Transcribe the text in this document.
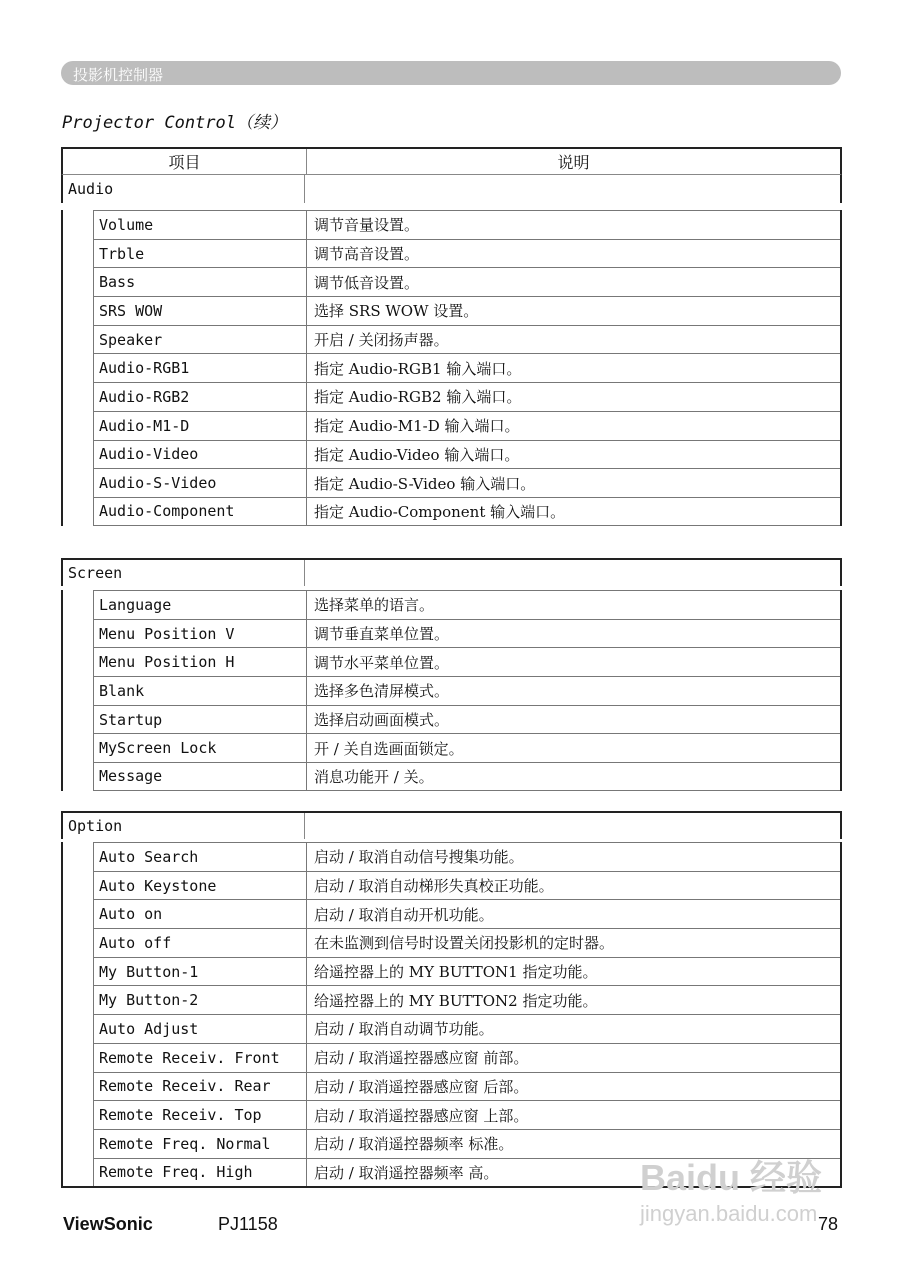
投影机控制器
Projector Control（续）
项目	说明
Audio
Volume	调节音量设置。
Trble	调节高音设置。
Bass	调节低音设置。
SRS WOW	选择 SRS WOW 设置。
Speaker	开启 / 关闭扬声器。
Audio-RGB1	指定 Audio-RGB1 输入端口。
Audio-RGB2	指定 Audio-RGB2 输入端口。
Audio-M1-D	指定 Audio-M1-D 输入端口。
Audio-Video	指定 Audio-Video 输入端口。
Audio-S-Video	指定 Audio-S-Video 输入端口。
Audio-Component	指定 Audio-Component 输入端口。
Screen
Language	选择菜单的语言。
Menu Position V	调节垂直菜单位置。
Menu Position H	调节水平菜单位置。
Blank	选择多色清屏模式。
Startup	选择启动画面模式。
MyScreen Lock	开 / 关自选画面锁定。
Message	消息功能开 / 关。
Option
Auto Search	启动 / 取消自动信号搜集功能。
Auto Keystone	启动 / 取消自动梯形失真校正功能。
Auto on	启动 / 取消自动开机功能。
Auto off	在未监测到信号时设置关闭投影机的定时器。
My Button-1	给遥控器上的 MY BUTTON1 指定功能。
My Button-2	给遥控器上的 MY BUTTON2 指定功能。
Auto Adjust	启动 / 取消自动调节功能。
Remote Receiv. Front	启动 / 取消遥控器感应窗 前部。
Remote Receiv. Rear	启动 / 取消遥控器感应窗 后部。
Remote Receiv. Top	启动 / 取消遥控器感应窗 上部。
Remote Freq. Normal	启动 / 取消遥控器频率 标准。
Remote Freq. High	启动 / 取消遥控器频率 高。
ViewSonic	PJ1158	78
Baidu 经验
jingyan.baidu.com
